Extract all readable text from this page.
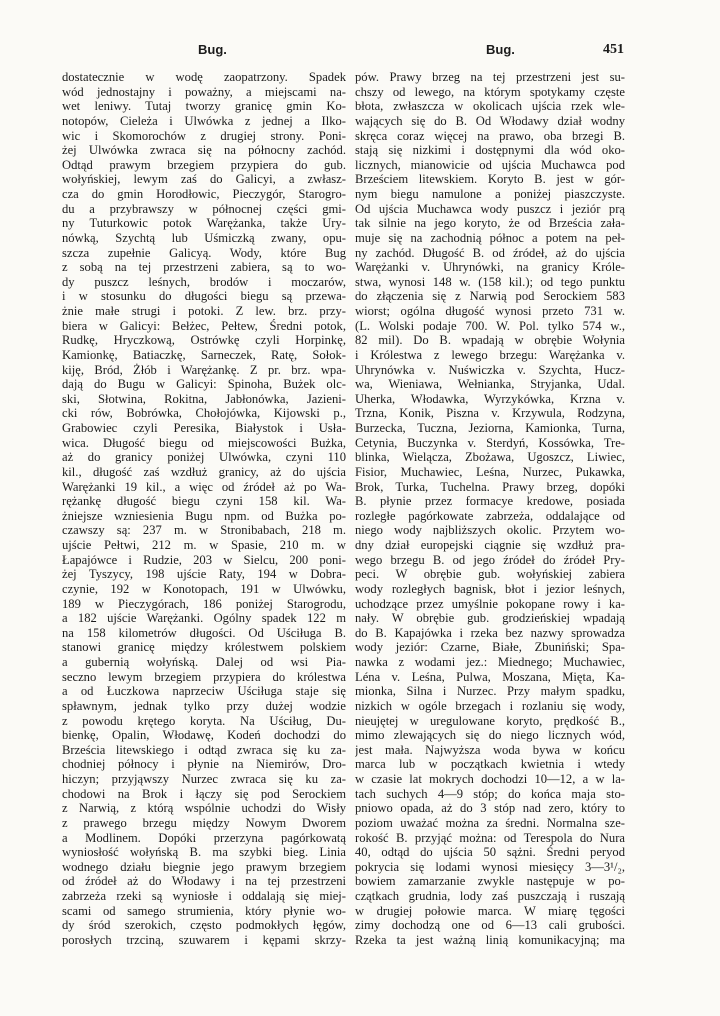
Bug.	Bug.	451
dostatecznie w wodę zaopatrzony. Spadek
wód jednostajny i poważny, a miejscami na-
wet leniwy. Tutaj tworzy granicę gmin Ko-
notopów, Cieleża i Ulwówka z jednej a Ilko-
wic i Skomorochów z drugiej strony. Poni-
żej Ulwówka zwraca się na północny zachód.
Odtąd prawym brzegiem przypiera do gub.
wołyńskiej, lewym zaś do Galicyi, a zwłasz-
cza do gmin Horodłowic, Pieczygór, Starogro-
du a przybrawszy w północnej części gmi-
ny Tuturkowic potok Warężanka, także Ury-
nówką, Szychtą lub Uśmiczką zwany, opu-
szcza zupełnie Galicyą. Wody, które Bug
z sobą na tej przestrzeni zabiera, są to wo-
dy puszcz leśnych, brodów i moczarów,
i w stosunku do długości biegu są przewa-
żnie małe strugi i potoki. Z lew. brz. przy-
biera w Galicyi: Bełżec, Pełtew, Średni potok,
Rudkę, Hryczkową, Ostrówkę czyli Horpinkę,
Kamionkę, Batiaczkę, Sarneczek, Ratę, Sołok-
kiję, Bród, Żłób i Warężankę. Z pr. brz. wpa-
dają do Bugu w Galicyi: Spinoha, Bużek olc-
ski, Słotwina, Rokitna, Jabłonówka, Jazieni-
cki rów, Bobrówka, Chołojówka, Kijowski p.,
Grabowiec czyli Peresika, Białystok i Usła-
wica. Długość biegu od miejscowości Bużka,
aż do granicy poniżej Ulwówka, czyni 110
kil., długość zaś wzdłuż granicy, aż do ujścia
Warężanki 19 kil., a więc od źródeł aż po Wa-
rężankę długość biegu czyni 158 kil. Wa-
żniejsze wzniesienia Bugu npm. od Bużka po-
czawszy są: 237 m. w Stronibabach, 218 m.
ujście Pełtwi, 212 m. w Spasie, 210 m. w
Łapajówce i Rudzie, 203 w Sielcu, 200 poni-
żej Tyszycy, 198 ujście Raty, 194 w Dobra-
czynie, 192 w Konotopach, 191 w Ulwówku,
189 w Pieczygórach, 186 poniżej Starogrodu,
a 182 ujście Warężanki. Ogólny spadek 122 m
na 158 kilometrów długości. Od Uściługa B.
stanowi granicę między królestwem polskiem
a gubernią wołyńską. Dalej od wsi Pia-
seczno lewym brzegiem przypiera do królestwa
a od Łuczkowa naprzeciw Uściługa staje się
spławnym, jednak tylko przy dużej wodzie
z powodu krętego koryta. Na Uściług, Du-
bienkę, Opalin, Włodawę, Kodeń dochodzi do
Brześcia litewskiego i odtąd zwraca się ku za-
chodniej północy i płynie na Niemirów, Dro-
hiczyn; przyjąwszy Nurzec zwraca się ku za-
chodowi na Brok i łączy się pod Serockiem
z Narwią, z którą wspólnie uchodzi do Wisły
z prawego brzegu między Nowym Dworem
a Modlinem. Dopóki przerzyna pagórkowatą
wyniosłość wołyńską B. ma szybki bieg. Linia
wodnego działu biegnie jego prawym brzegiem
od źródeł aż do Włodawy i na tej przestrzeni
zabrzeża rzeki są wyniosłe i oddalają się miej-
scami od samego strumienia, który płynie wo-
dy śród szerokich, często podmokłych łęgów,
porosłych trzciną, szuwarem i kępami skrzy-
pów. Prawy brzeg na tej przestrzeni jest su-
chszy od lewego, na którym spotykamy częste
błota, zwłaszcza w okolicach ujścia rzek wle-
wających się do B. Od Włodawy dział wodny
skręca coraz więcej na prawo, oba brzegi B.
stają się nizkimi i dostępnymi dla wód oko-
licznych, mianowicie od ujścia Muchawca pod
Brześciem litewskiem. Koryto B. jest w gór-
nym biegu namulone a poniżej piaszczyste.
Od ujścia Muchawca wody puszcz i jeziór prą
tak silnie na jego koryto, że od Brześcia zała-
muje się na zachodnią północ a potem na peł-
ny zachód. Długość B. od źródeł, aż do ujścia
Warężanki v. Uhrynówki, na granicy Króle-
stwa, wynosi 148 w. (158 kil.); od tego punktu
do złączenia się z Narwią pod Serockiem 583
wiorst; ogólna długość wynosi przeto 731 w.
(L. Wolski podaje 700. W. Pol. tylko 574 w.,
82 mil). Do B. wpadają w obrębie Wołynia
i Królestwa z lewego brzegu: Warężanka v.
Uhrynówka v. Nuświczka v. Szychta, Hucz-
wa, Wieniawa, Wełnianka, Stryjanka, Udal.
Uherka, Włodawka, Wyrzykówka, Krzna v.
Trzna, Konik, Piszna v. Krzywula, Rodzyna,
Burzecka, Tuczna, Jeziorna, Kamionka, Turna,
Cetynia, Buczynka v. Sterdyń, Kossówka, Tre-
blinka, Wielącza, Zbożawa, Ugoszcz, Liwiec,
Fisior, Muchawiec, Leśna, Nurzec, Pukawka,
Brok, Turka, Tuchelna. Prawy brzeg, dopóki
B. płynie przez formacye kredowe, posiada
rozległe pagórkowate zabrzeża, oddalające od
niego wody najbliższych okolic. Przytem wo-
dny dział europejski ciągnie się wzdłuż pra-
wego brzegu B. od jego źródeł do źródeł Pry-
peci. W obrębie gub. wołyńskiej zabiera
wody rozległych bagnisk, błot i jezior leśnych,
uchodzące przez umyślnie pokopane rowy i ka-
nały. W obrębie gub. grodzieńskiej wpadają
do B. Kapajówka i rzeka bez nazwy sprowadza
wody jeziór: Czarne, Białe, Zbuniński; Spa-
nawka z wodami jez.: Miednego; Muchawiec,
Léna v. Leśna, Pulwa, Moszana, Mięta, Ka-
mionka, Silna i Nurzec. Przy małym spadku,
nizkich w ogóle brzegach i rozlaniu się wody,
nieujętej w uregulowane koryto, prędkość B.,
mimo zlewających się do niego licznych wód,
jest mała. Najwyższa woda bywa w końcu
marca lub w początkach kwietnia i wtedy
w czasie lat mokrych dochodzi 10—12, a w la-
tach suchych 4—9 stóp; do końca maja sto-
pniowo opada, aż do 3 stóp nad zero, który to
poziom uważać można za średni. Normalna sze-
rokość B. przyjąć można: od Terespola do Nura
40, odtąd do ujścia 50 sążni. Średni peryod
pokrycia się lodami wynosi miesięcy 3—3¹/₂,
bowiem zamarzanie zwykle następuje w po-
czątkach grudnia, lody zaś puszczają i ruszają
w drugiej połowie marca. W miarę tęgości
zimy dochodzą one od 6—13 cali grubości.
Rzeka ta jest ważną linią komunikacyjną; ma
